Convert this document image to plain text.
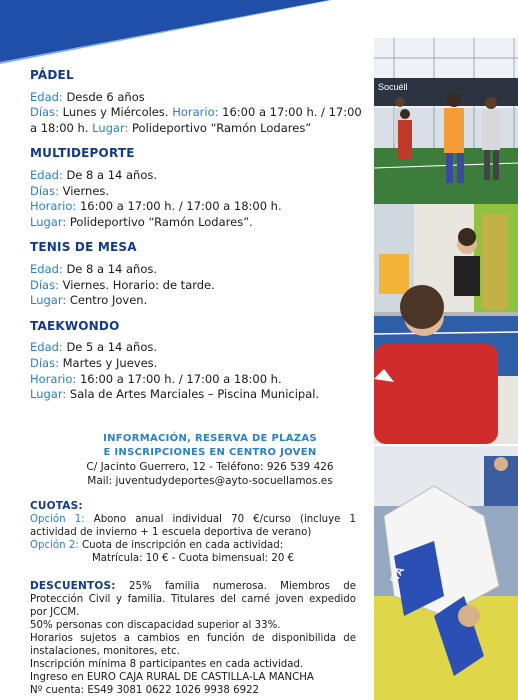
PÁDEL

Edad: Desde 6 años

Días: Lunes y Miércoles. Horario: 16:00 a 17:00 h. / 17:00

a 18:00 h. Lugar: Polideportivo “Ramón Lodares”

MULTIDEPORTE

Edad: De 8 a 14 años.

Días: Viernes.

Horario: 16:00 a 17:00 h. / 17:00 a 18:00 h.

Lugar: Polideportivo “Ramón Lodares”.

TENIS DE MESA

Edad: De 8 a 14 años.

Días: Viernes. Horario: de tarde.

Lugar: Centro Joven.

TAEKWONDO

Edad: De 5 a 14 años.

Días: Martes y Jueves.

Horario: 16:00 a 17:00 h. / 17:00 a 18:00 h.

Lugar: Sala de Artes Marciales – Piscina Municipal.

INFORMACIÓN, RESERVA DE PLAZAS

E INSCRIPCIONES EN CENTRO JOVEN

C/ Jacinto Guerrero, 12 - Teléfono: 926 539 426

Mail: juventudydeportes@ayto-socuellamos.es

CUOTAS:

Opción 1: Abono anual individual 70 €/curso (incluye 1 actividad de invierno + 1 escuela deportiva de verano)

Opción 2: Cuota de inscripción en cada actividad:

Matrícula: 10 € - Cuota bimensual: 20 €

DESCUENTOS: 25% familia numerosa. Miembros de Protección Civil y familia. Titulares del carné joven expedido por JCCM.

50% personas con discapacidad superior al 33%.

Horarios sujetos a cambios en función de disponibilida de instalaciones, monitores, etc.

Inscripción mínima 8 participantes en cada actividad.

Ingreso en EURO CAJA RURAL DE CASTILLA-LA MANCHA

Nº cuenta: ES49 3081 0622 1026 9938 6922

Socuéll
ITA
